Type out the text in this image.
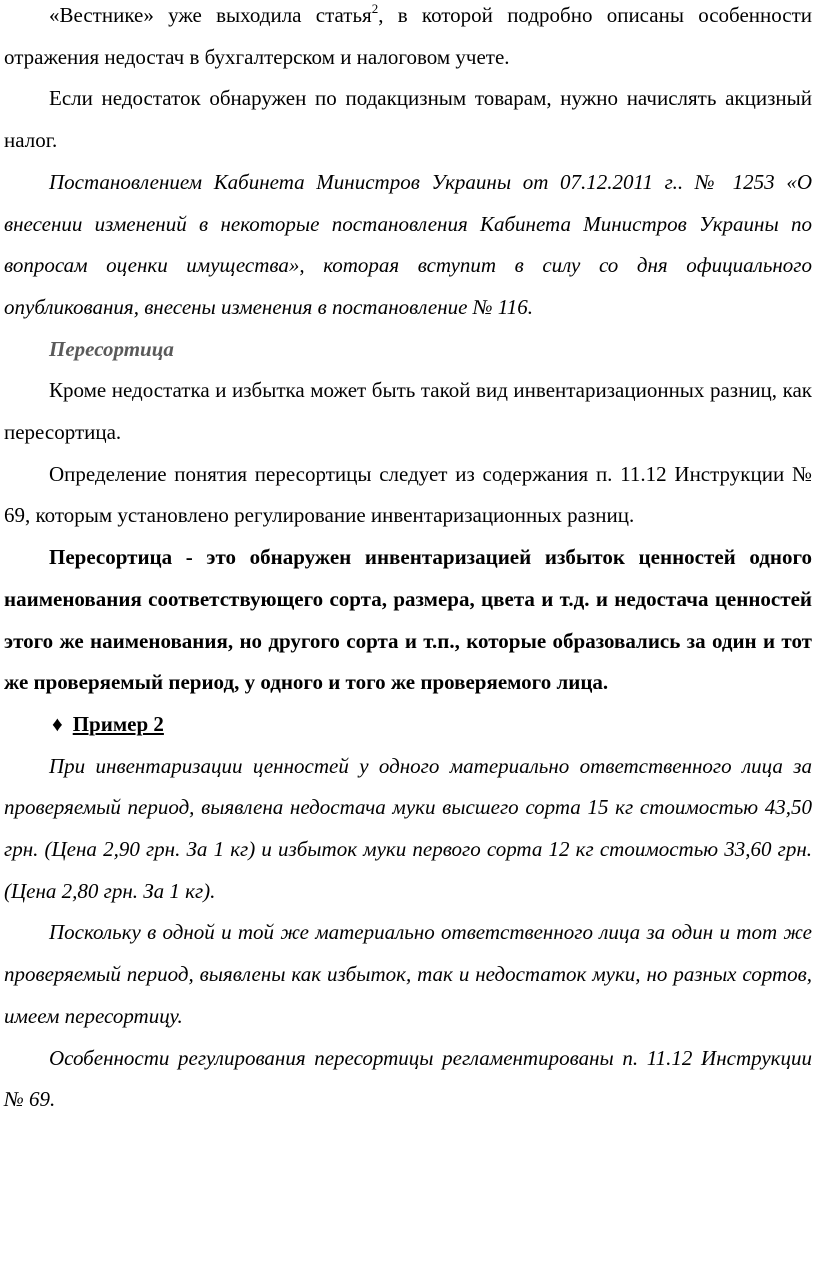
«Вестнике» уже выходила статья$^2$, в которой подробно описаны особенности отражения недостач в бухгалтерском и налоговом учете.

Если недостаток обнаружен по подакцизным товарам, нужно начислять акцизный налог.

Постановлением Кабинета Министров Украины от 07.12.2011 г.. № 1253 «О внесении изменений в некоторые постановления Кабинета Министров Украины по вопросам оценки имущества», которая вступит в силу со дня официального опубликования, внесены изменения в постановление № 116.

Пересортица

Кроме недостатка и избытка может быть такой вид инвентаризационных разниц, как пересортица.

Определение понятия пересортицы следует из содержания п. 11.12 Инструкции № 69, которым установлено регулирование инвентаризационных разниц.

Пересортица - это обнаружен инвентаризацией избыток ценностей одного наименования соответствующего сорта, размера, цвета и т.д. и недостача ценностей этого же наименования, но другого сорта и т.п., которые образовались за один и тот же проверяемый период, у одного и того же проверяемого лица.

♦ Пример 2

При инвентаризации ценностей у одного материально ответственного лица за проверяемый период, выявлена недостача муки высшего сорта 15 кг стоимостью 43,50 грн. (Цена 2,90 грн. За 1 кг) и избыток муки первого сорта 12 кг стоимостью 33,60 грн. (Цена 2,80 грн. За 1 кг).

Поскольку в одной и той же материально ответственного лица за один и тот же проверяемый период, выявлены как избыток, так и недостаток муки, но разных сортов, имеем пересортицу.

Особенности регулирования пересортицы регламентированы п. 11.12 Инструкции № 69.
